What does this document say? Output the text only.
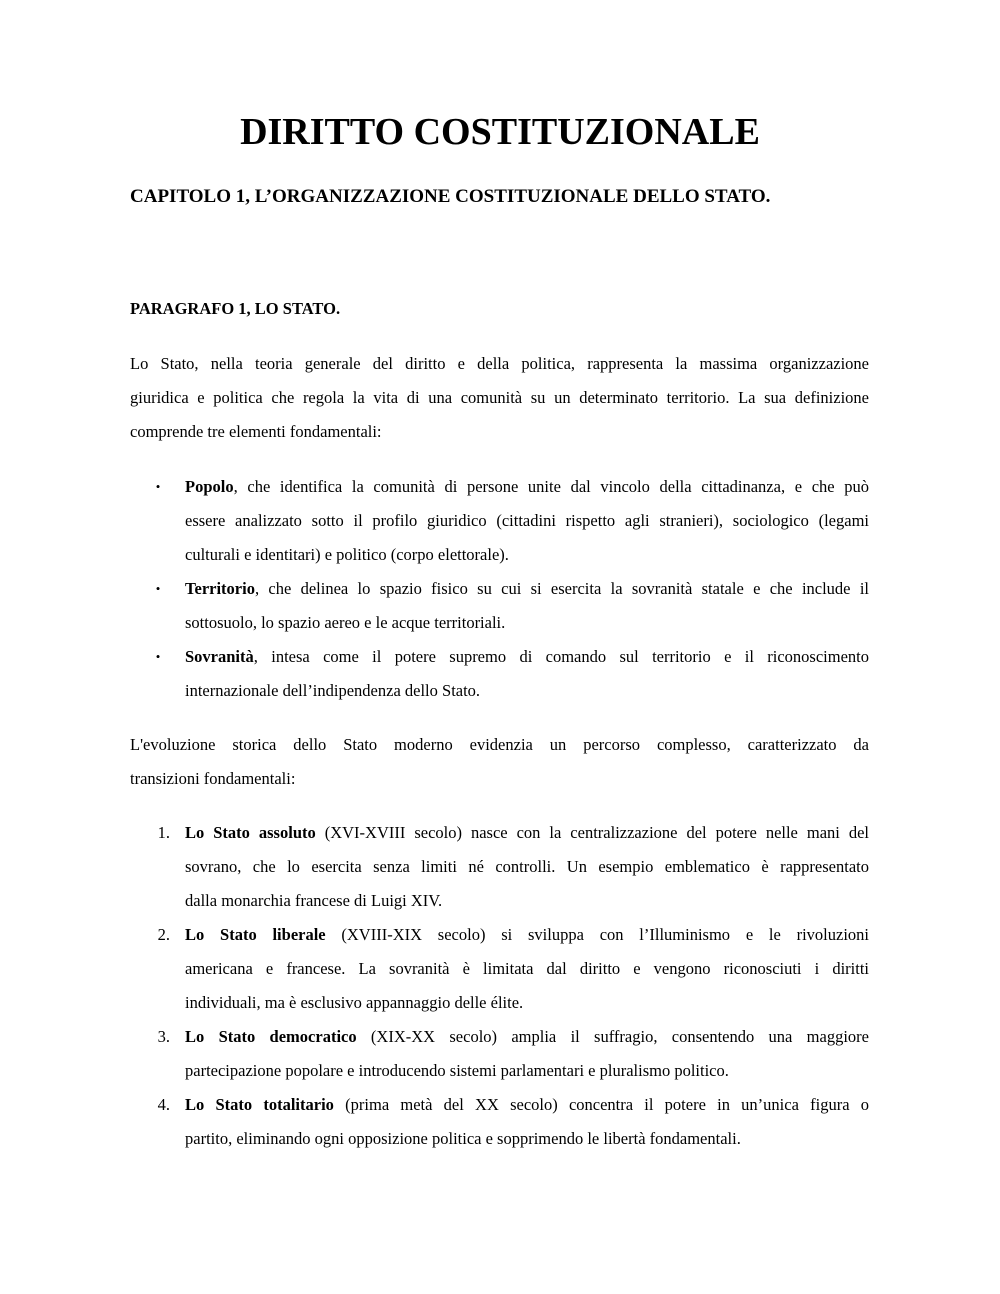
DIRITTO COSTITUZIONALE
CAPITOLO 1, L’ORGANIZZAZIONE COSTITUZIONALE DELLO STATO.
PARAGRAFO 1, LO STATO.
Lo Stato, nella teoria generale del diritto e della politica, rappresenta la massima organizzazione
giuridica e politica che regola la vita di una comunità su un determinato territorio. La sua definizione
comprende tre elementi fondamentali:
• Popolo, che identifica la comunità di persone unite dal vincolo della cittadinanza, e che può
essere analizzato sotto il profilo giuridico (cittadini rispetto agli stranieri), sociologico (legami
culturali e identitari) e politico (corpo elettorale).
• Territorio, che delinea lo spazio fisico su cui si esercita la sovranità statale e che include il
sottosuolo, lo spazio aereo e le acque territoriali.
• Sovranità, intesa come il potere supremo di comando sul territorio e il riconoscimento
internazionale dell’indipendenza dello Stato.
L'evoluzione storica dello Stato moderno evidenzia un percorso complesso, caratterizzato da
transizioni fondamentali:
1. Lo Stato assoluto (XVI-XVIII secolo) nasce con la centralizzazione del potere nelle mani del
sovrano, che lo esercita senza limiti né controlli. Un esempio emblematico è rappresentato
dalla monarchia francese di Luigi XIV.
2. Lo Stato liberale (XVIII-XIX secolo) si sviluppa con l’Illuminismo e le rivoluzioni
americana e francese. La sovranità è limitata dal diritto e vengono riconosciuti i diritti
individuali, ma è esclusivo appannaggio delle élite.
3. Lo Stato democratico (XIX-XX secolo) amplia il suffragio, consentendo una maggiore
partecipazione popolare e introducendo sistemi parlamentari e pluralismo politico.
4. Lo Stato totalitario (prima metà del XX secolo) concentra il potere in un’unica figura o
partito, eliminando ogni opposizione politica e sopprimendo le libertà fondamentali.
